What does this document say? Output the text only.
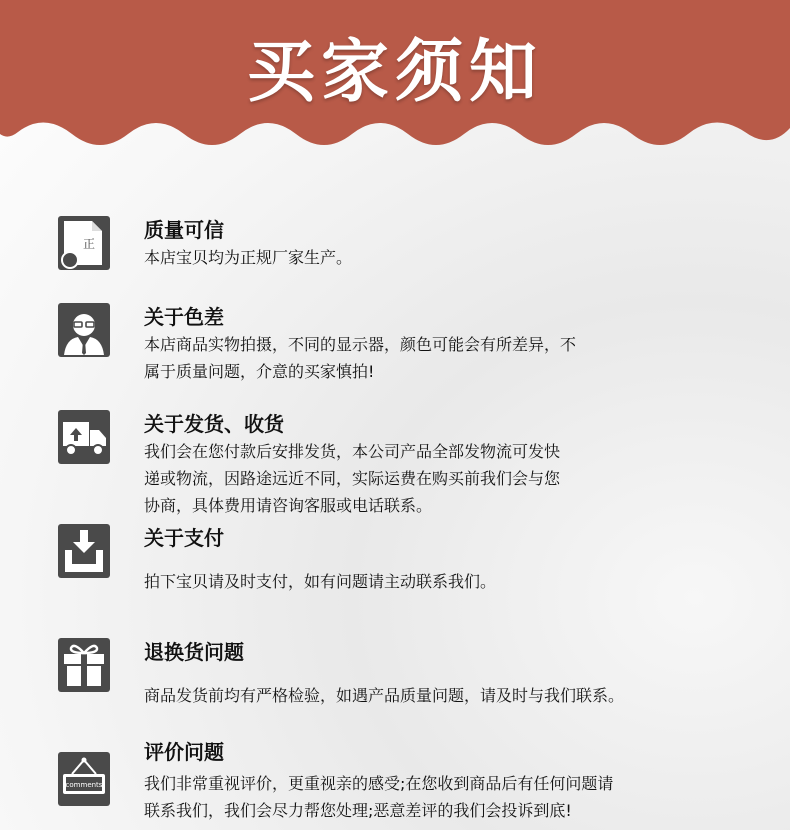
买家须知
正

质量可信

本店宝贝均为正规厂家生产。

关于色差

本店商品实物拍摄，不同的显示器，颜色可能会有所差异，不

属于质量问题，介意的买家慎拍!

关于发货、收货

我们会在您付款后安排发货，本公司产品全部发物流可发快

递或物流，因路途远近不同，实际运费在购买前我们会与您

协商，具体费用请咨询客服或电话联系。

关于支付

拍下宝贝请及时支付，如有问题请主动联系我们。

退换货问题

商品发货前均有严格检验，如遇产品质量问题，请及时与我们联系。

comments

评价问题

我们非常重视评价，更重视亲的感受;在您收到商品后有任何问题请

联系我们，我们会尽力帮您处理;恶意差评的我们会投诉到底!
